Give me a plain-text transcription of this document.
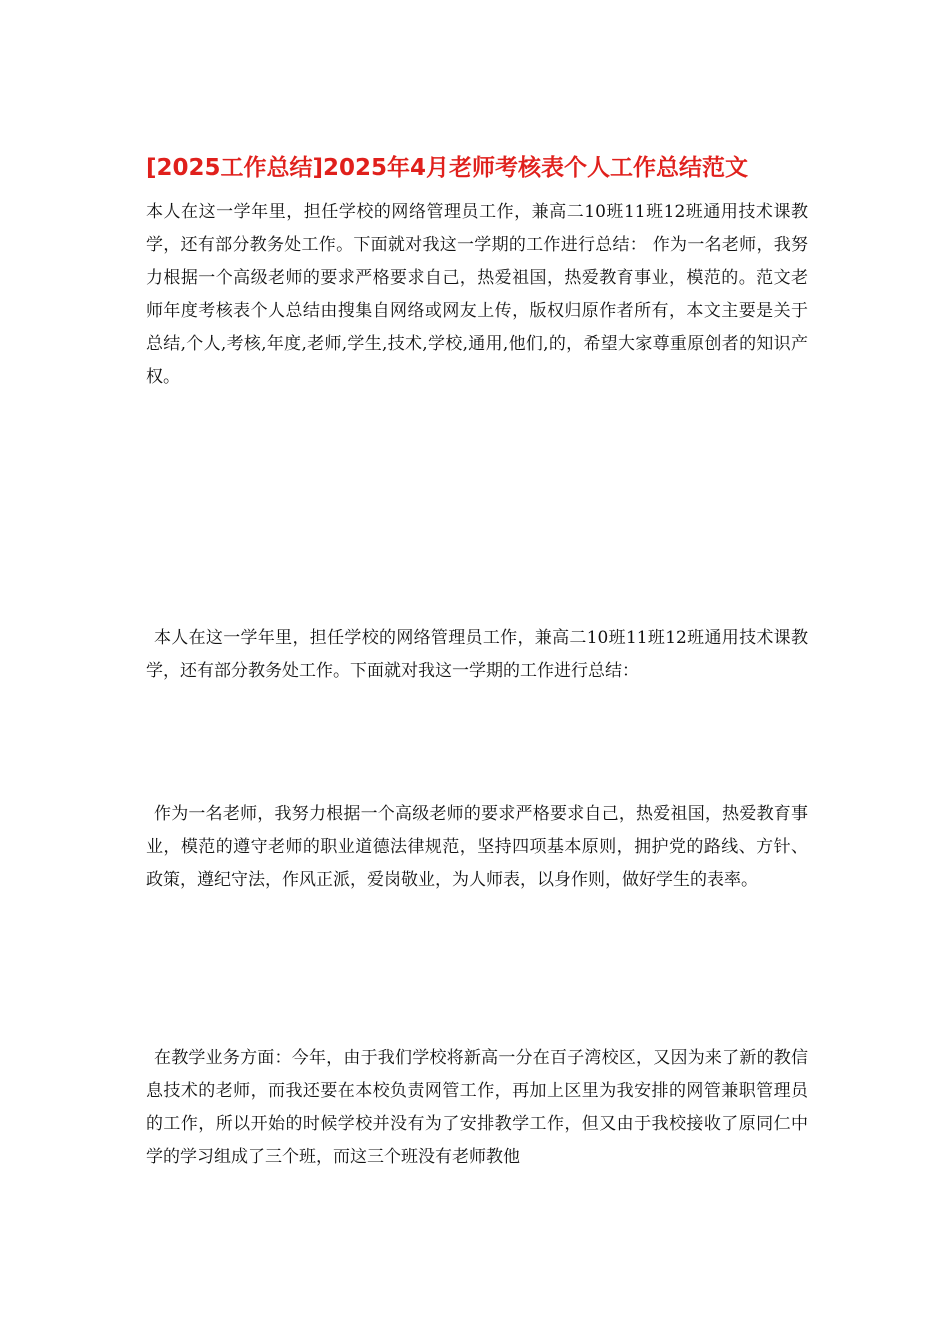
[2025工作总结]2025年4月老师考核表个人工作总结范文

本人在这一学年里，担任学校的网络管理员工作，兼高二10班11班12班通用技术课教学，还有部分教务处工作。下面就对我这一学期的工作进行总结： 作为一名老师，我努力根据一个高级老师的要求严格要求自己，热爱祖国，热爱教育事业，模范的。范文老师年度考核表个人总结由搜集自网络或网友上传，版权归原作者所有，本文主要是关于总结,个人,考核,年度,老师,学生,技术,学校,通用,他们,的，希望大家尊重原创者的知识产权。

本人在这一学年里，担任学校的网络管理员工作，兼高二10班11班12班通用技术课教学，还有部分教务处工作。下面就对我这一学期的工作进行总结：

作为一名老师，我努力根据一个高级老师的要求严格要求自己，热爱祖国，热爱教育事业，模范的遵守老师的职业道德法律规范，坚持四项基本原则，拥护党的路线、方针、政策，遵纪守法，作风正派，爱岗敬业，为人师表，以身作则，做好学生的表率。

在教学业务方面：今年，由于我们学校将新高一分在百子湾校区，又因为来了新的教信息技术的老师，而我还要在本校负责网管工作，再加上区里为我安排的网管兼职管理员的工作，所以开始的时候学校并没有为了安排教学工作，但又由于我校接收了原同仁中学的学习组成了三个班，而这三个班没有老师教他
